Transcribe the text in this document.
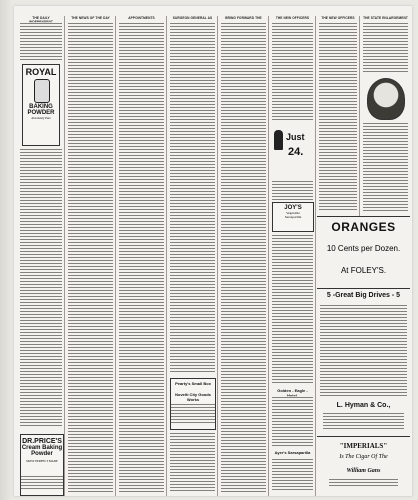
THE DAILY
ROYAL
BAKING
POWDER
Absolutely Pure
DR.PRICE'S
Cream Baking
Powder
MOST PERFECT MADE
THE NEWS OF THE DAY	APPOINTMENTS	SURGEON GENERAL AS
Pearty's Small Box
Novelti City Goods Works
BRING FORWARD THE	THE NEW OFFICERS
Just
24.
JOY'S
Vegetable
Sarsaparilla
Golden - Eagle -
Ayer's Sarsaparilla
THE NEW OFFICERS	THE STATE ENLARGEMENT
ORANGES
10 Cents per Dozen.
At FOLEY'S.
5 -Great Big Drives - 5
L. Hyman & Co.,
"IMPERIALS"
Is The Cigar Of The
William Gans
